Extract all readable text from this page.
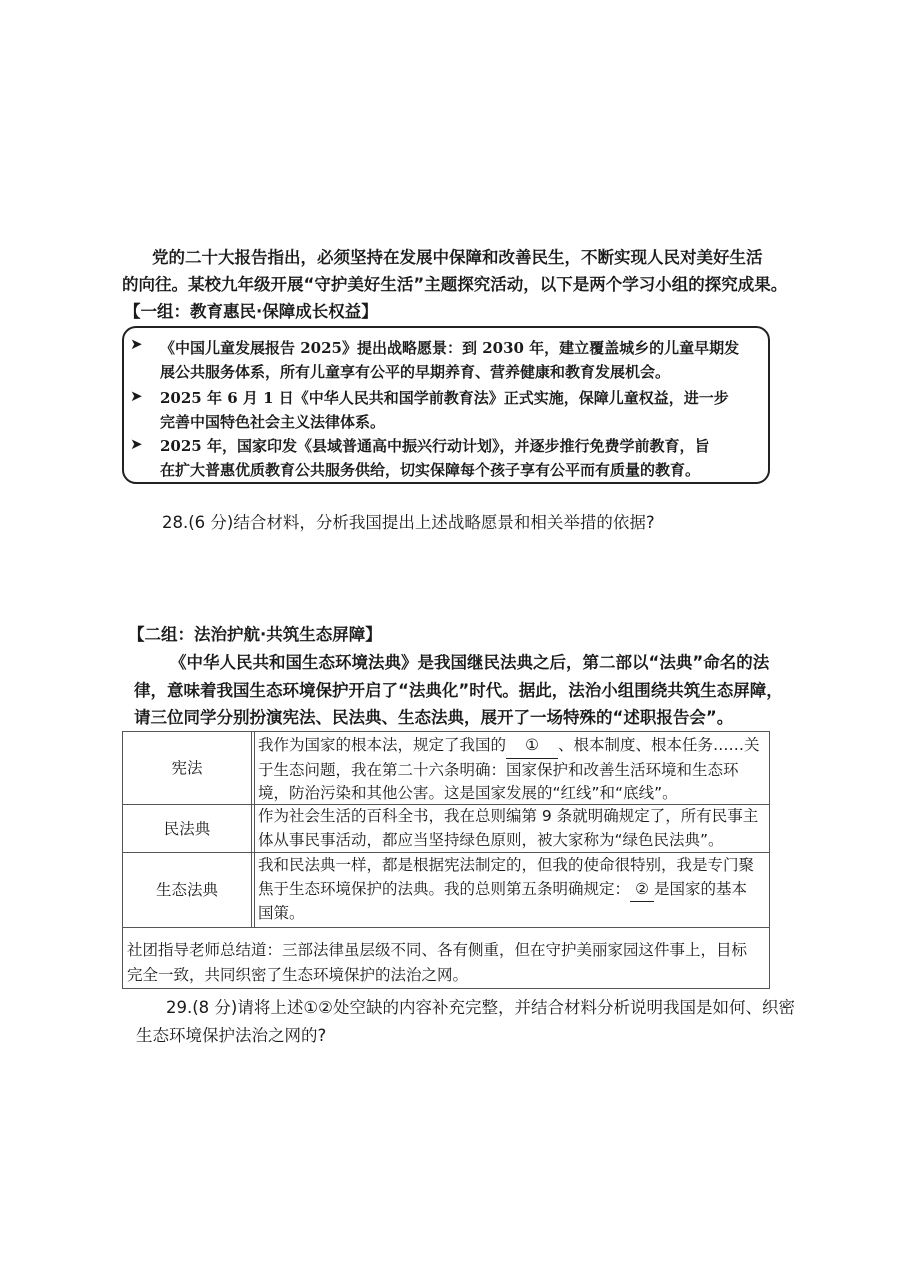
党的二十大报告指出，必须坚持在发展中保障和改善民生，不断实现人民对美好生活
的向往。某校九年级开展“守护美好生活”主题探究活动，以下是两个学习小组的探究成果。
【一组：教育惠民·保障成长权益】
➤ 《中国儿童发展报告 2025》提出战略愿景：到 2030 年，建立覆盖城乡的儿童早期发
展公共服务体系，所有儿童享有公平的早期养育、营养健康和教育发展机会。
➤ 2025 年 6 月 1 日《中华人民共和国学前教育法》正式实施，保障儿童权益，进一步
完善中国特色社会主义法律体系。
➤ 2025 年，国家印发《县域普通高中振兴行动计划》，并逐步推行免费学前教育，旨
在扩大普惠优质教育公共服务供给，切实保障每个孩子享有公平而有质量的教育。
28.(6 分)结合材料，分析我国提出上述战略愿景和相关举措的依据?
【二组：法治护航·共筑生态屏障】
《中华人民共和国生态环境法典》是我国继民法典之后，第二部以“法典”命名的法
律，意味着我国生态环境保护开启了“法典化”时代。据此，法治小组围绕共筑生态屏障，
请三位同学分别扮演宪法、民法典、生态法典，展开了一场特殊的“述职报告会”。
宪法
我作为国家的根本法，规定了我国的 ① 、根本制度、根本任务……关
于生态问题，我在第二十六条明确：国家保护和改善生活环境和生态环
境，防治污染和其他公害。这是国家发展的“红线”和“底线”。
民法典
作为社会生活的百科全书，我在总则编第 9 条就明确规定了，所有民事主
体从事民事活动，都应当坚持绿色原则，被大家称为“绿色民法典”。
生态法典
我和民法典一样，都是根据宪法制定的，但我的使命很特别，我是专门聚
焦于生态环境保护的法典。我的总则第五条明确规定： ② 是国家的基本
国策。
社团指导老师总结道：三部法律虽层级不同、各有侧重，但在守护美丽家园这件事上，目标
完全一致，共同织密了生态环境保护的法治之网。
29.(8 分)请将上述①②处空缺的内容补充完整，并结合材料分析说明我国是如何、织密
生态环境保护法治之网的?
